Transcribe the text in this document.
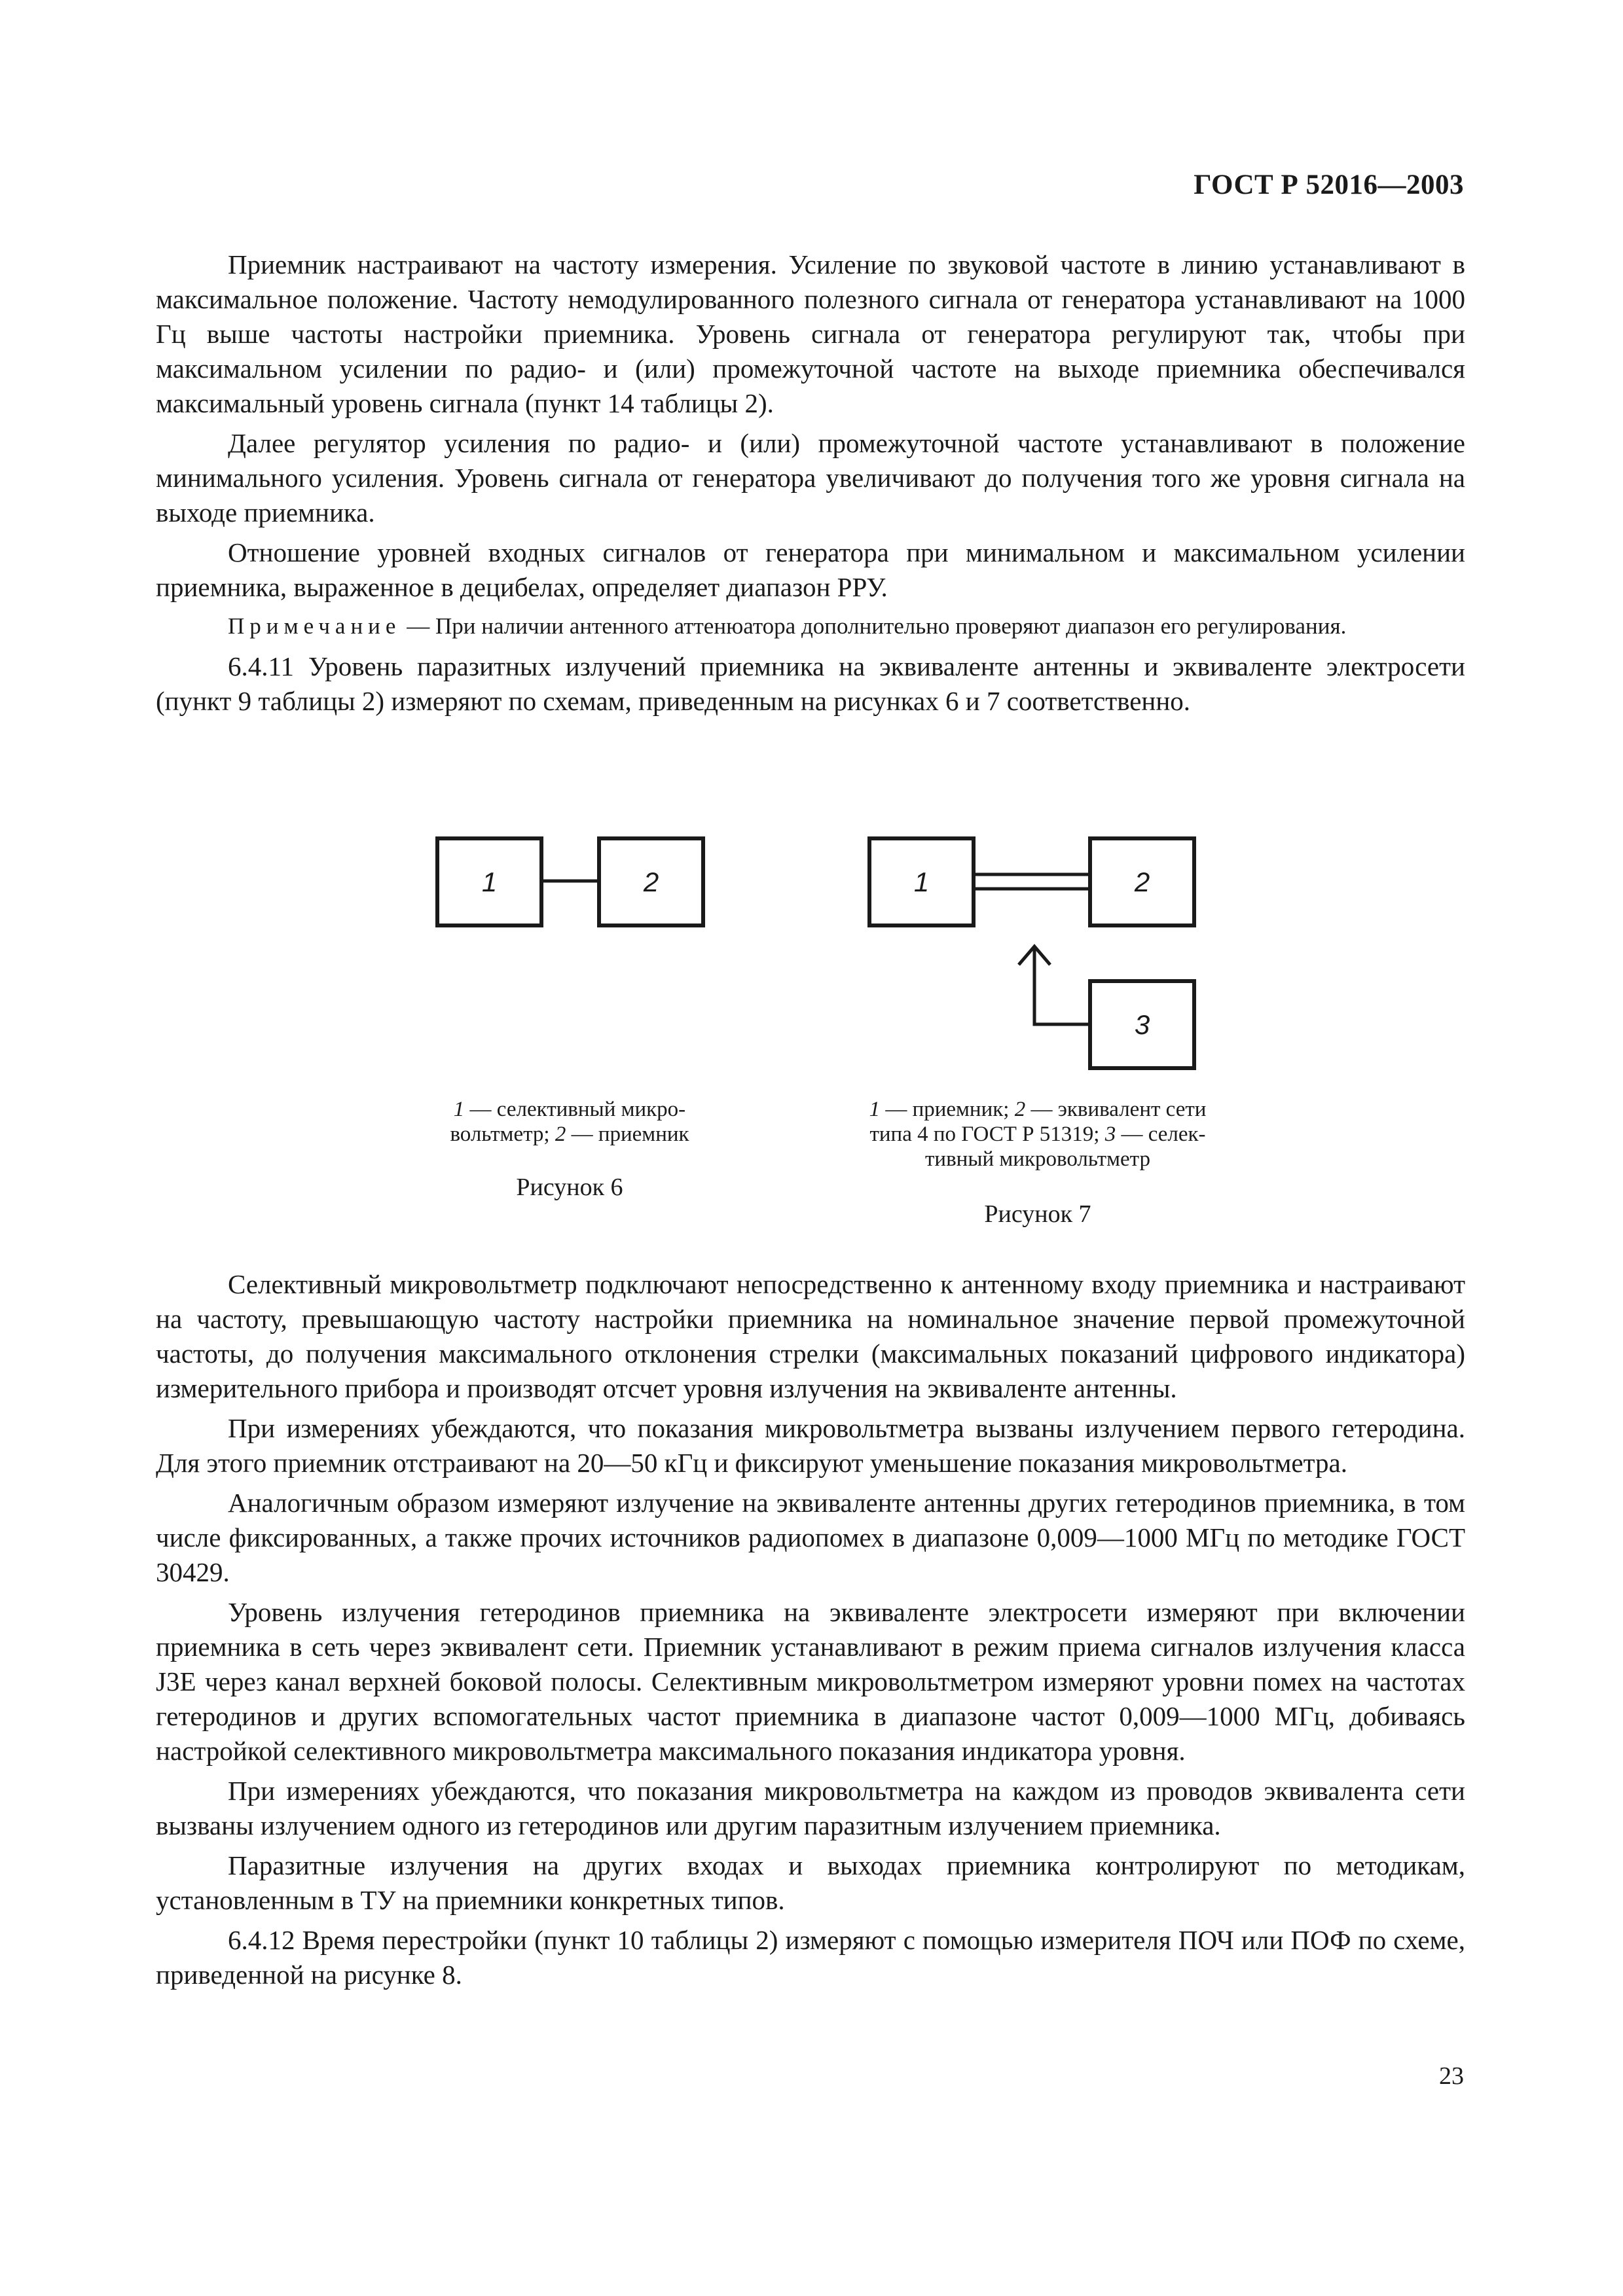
ГОСТ Р 52016—2003

Приемник настраивают на частоту измерения. Усиление по звуковой частоте в линию устанавливают в максимальное положение. Частоту немодулированного полезного сигнала от генератора устанавливают на 1000 Гц выше частоты настройки приемника. Уровень сигнала от генератора регулируют так, чтобы при максимальном усилении по радио- и (или) промежуточной частоте на выходе приемника обеспечивался максимальный уровень сигнала (пункт 14 таблицы 2).

Далее регулятор усиления по радио- и (или) промежуточной частоте устанавливают в положение минимального усиления. Уровень сигнала от генератора увеличивают до получения того же уровня сигнала на выходе приемника.

Отношение уровней входных сигналов от генератора при минимальном и максимальном усилении приемника, выраженное в децибелах, определяет диапазон РРУ.

Примечание — При наличии антенного аттенюатора дополнительно проверяют диапазон его регулирования.

6.4.11 Уровень паразитных излучений приемника на эквиваленте антенны и эквиваленте электросети (пункт 9 таблицы 2) измеряют по схемам, приведенным на рисунках 6 и 7 соответственно.

1	2
1 — селективный микро-
вольтметр; 2 — приемник
Рисунок 6
1	2
3
1 — приемник; 2 — эквивалент сети
типа 4 по ГОСТ Р 51319; 3 — селек-
тивный микровольтметр
Рисунок 7

Селективный микровольтметр подключают непосредственно к антенному входу приемника и настраивают на частоту, превышающую частоту настройки приемника на номинальное значение первой промежуточной частоты, до получения максимального отклонения стрелки (максимальных показаний цифрового индикатора) измерительного прибора и производят отсчет уровня излучения на эквиваленте антенны.

При измерениях убеждаются, что показания микровольтметра вызваны излучением первого гетеродина. Для этого приемник отстраивают на 20—50 кГц и фиксируют уменьшение показания микровольтметра.

Аналогичным образом измеряют излучение на эквиваленте антенны других гетеродинов приемника, в том числе фиксированных, а также прочих источников радиопомех в диапазоне 0,009—1000 МГц по методике ГОСТ 30429.

Уровень излучения гетеродинов приемника на эквиваленте электросети измеряют при включении приемника в сеть через эквивалент сети. Приемник устанавливают в режим приема сигналов излучения класса J3E через канал верхней боковой полосы. Селективным микровольтметром измеряют уровни помех на частотах гетеродинов и других вспомогательных частот приемника в диапазоне частот 0,009—1000 МГц, добиваясь настройкой селективного микровольтметра максимального показания индикатора уровня.

При измерениях убеждаются, что показания микровольтметра на каждом из проводов эквивалента сети вызваны излучением одного из гетеродинов или другим паразитным излучением приемника.

Паразитные излучения на других входах и выходах приемника контролируют по методикам, установленным в ТУ на приемники конкретных типов.

6.4.12 Время перестройки (пункт 10 таблицы 2) измеряют с помощью измерителя ПОЧ или ПОФ по схеме, приведенной на рисунке 8.

23
